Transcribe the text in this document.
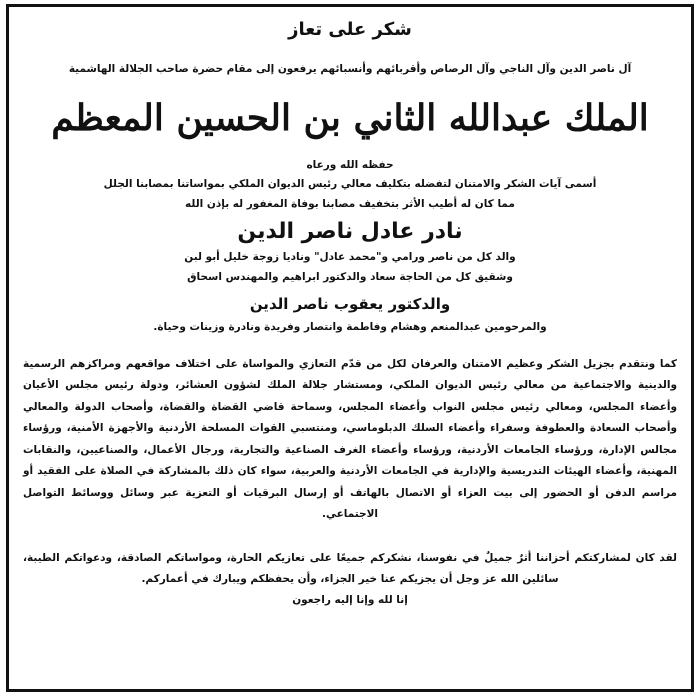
شكر على تعاز
آل ناصر الدين وآل الناجي وآل الرصاص وأقربائهم وأنسبائهم يرفعون إلى مقام حضرة صاحب الجلالة الهاشمية
الملك عبدالله الثاني بن الحسين المعظم
حفظه الله ورعاه
أسمى آيات الشكر والامتنان لتفضله بتكليف معالي رئيس الديوان الملكي بمواساتنا بمصابنا الجلل
مما كان له أطيب الأثر بتخفيف مصابنا بوفاة المغفور له بإذن الله
نادر عادل ناصر الدين
والد كل من ناصر ورامي و"محمد عادل" ونادیا زوجة خليل أبو لبن
وشقيق كل من الحاجة سعاد والدكتور ابراهيم والمهندس اسحاق
والدكتور يعقوب ناصر الدين
والمرحومين عبدالمنعم وهشام وفاطمة وانتصار وفريدة ونادرة وزينات وحياة.
كما ونتقدم بجزيل الشكر وعظيم الامتنان والعرفان لكل من قدّم التعازي والمواساة على اختلاف مواقعهم ومراكزهم الرسمية والدينية والاجتماعية من معالي رئيس الديوان الملكي، ومستشار جلالة الملك لشؤون العشائر، ودولة رئيس مجلس الأعيان وأعضاء المجلس، ومعالي رئيس مجلس النواب وأعضاء المجلس، وسماحة قاضي القضاة والقضاة، وأصحاب الدولة والمعالي وأصحاب السعادة والعطوفة وسفراء وأعضاء السلك الدبلوماسي، ومنتسبي القوات المسلحة الأردنية والأجهزة الأمنية، ورؤساء مجالس الإدارة، ورؤساء الجامعات الأردنية، ورؤساء وأعضاء الغرف الصناعية والتجارية، ورجال الأعمال، والصناعيين، والنقابات المهنية، وأعضاء الهيئات التدريسية والإدارية في الجامعات الأردنية والعربية، سواء كان ذلك بالمشاركة في الصلاة على الفقيد أو مراسم الدفن أو الحضور إلى بيت العزاء أو الاتصال بالهاتف أو إرسال البرقيات أو التعزية عبر وسائل ووسائط التواصل الاجتماعي.
لقد كان لمشاركتكم أحزاننا أثرٌ جميلٌ في نفوسنا، نشكركم جميعًا على تعازيكم الحارة، ومواساتكم الصادقة، ودعواتكم الطيبة، سائلين الله عز وجل أن يجزيكم عنا خير الجزاء، وأن يحفظكم ويبارك في أعماركم.
إنا لله وإنا إليه راجعون
